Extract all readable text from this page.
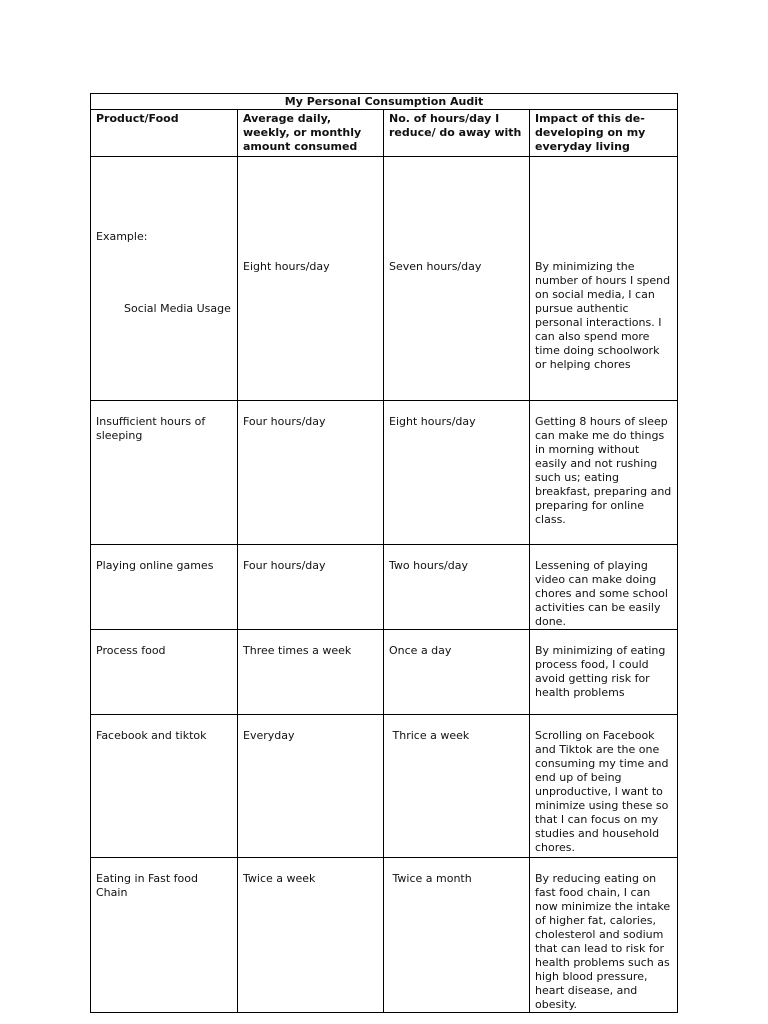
My Personal Consumption Audit			
Product/Food	Average daily, weekly, or monthly amount consumed	No. of hours/day I reduce/ do away with	Impact of this de-developing on my everyday living

Example:

Social Media Usage	Eight hours/day	Seven hours/day	By minimizing the number of hours I spend on social media, I can pursue authentic personal interactions. I can also spend more time doing schoolwork or helping chores

Insufficient hours of sleeping	Four hours/day	Eight hours/day	Getting 8 hours of sleep can make me do things in morning without easily and not rushing such us; eating breakfast, preparing and preparing for online class.

Playing online games	Four hours/day	Two hours/day	Lessening of playing video can make doing chores and some school activities can be easily done.

Process food	Three times a week	Once a day	By minimizing of eating process food, I could avoid getting risk for health problems

Facebook and tiktok	Everyday	Thrice a week	Scrolling on Facebook and Tiktok are the one consuming my time and end up of being unproductive, I want to minimize using these so that I can focus on my studies and household chores.

Eating in Fast food Chain	Twice a week	Twice a month	By reducing eating on fast food chain, I can now minimize the intake of higher fat, calories, cholesterol and sodium that can lead to risk for health problems such as high blood pressure, heart disease, and obesity.
